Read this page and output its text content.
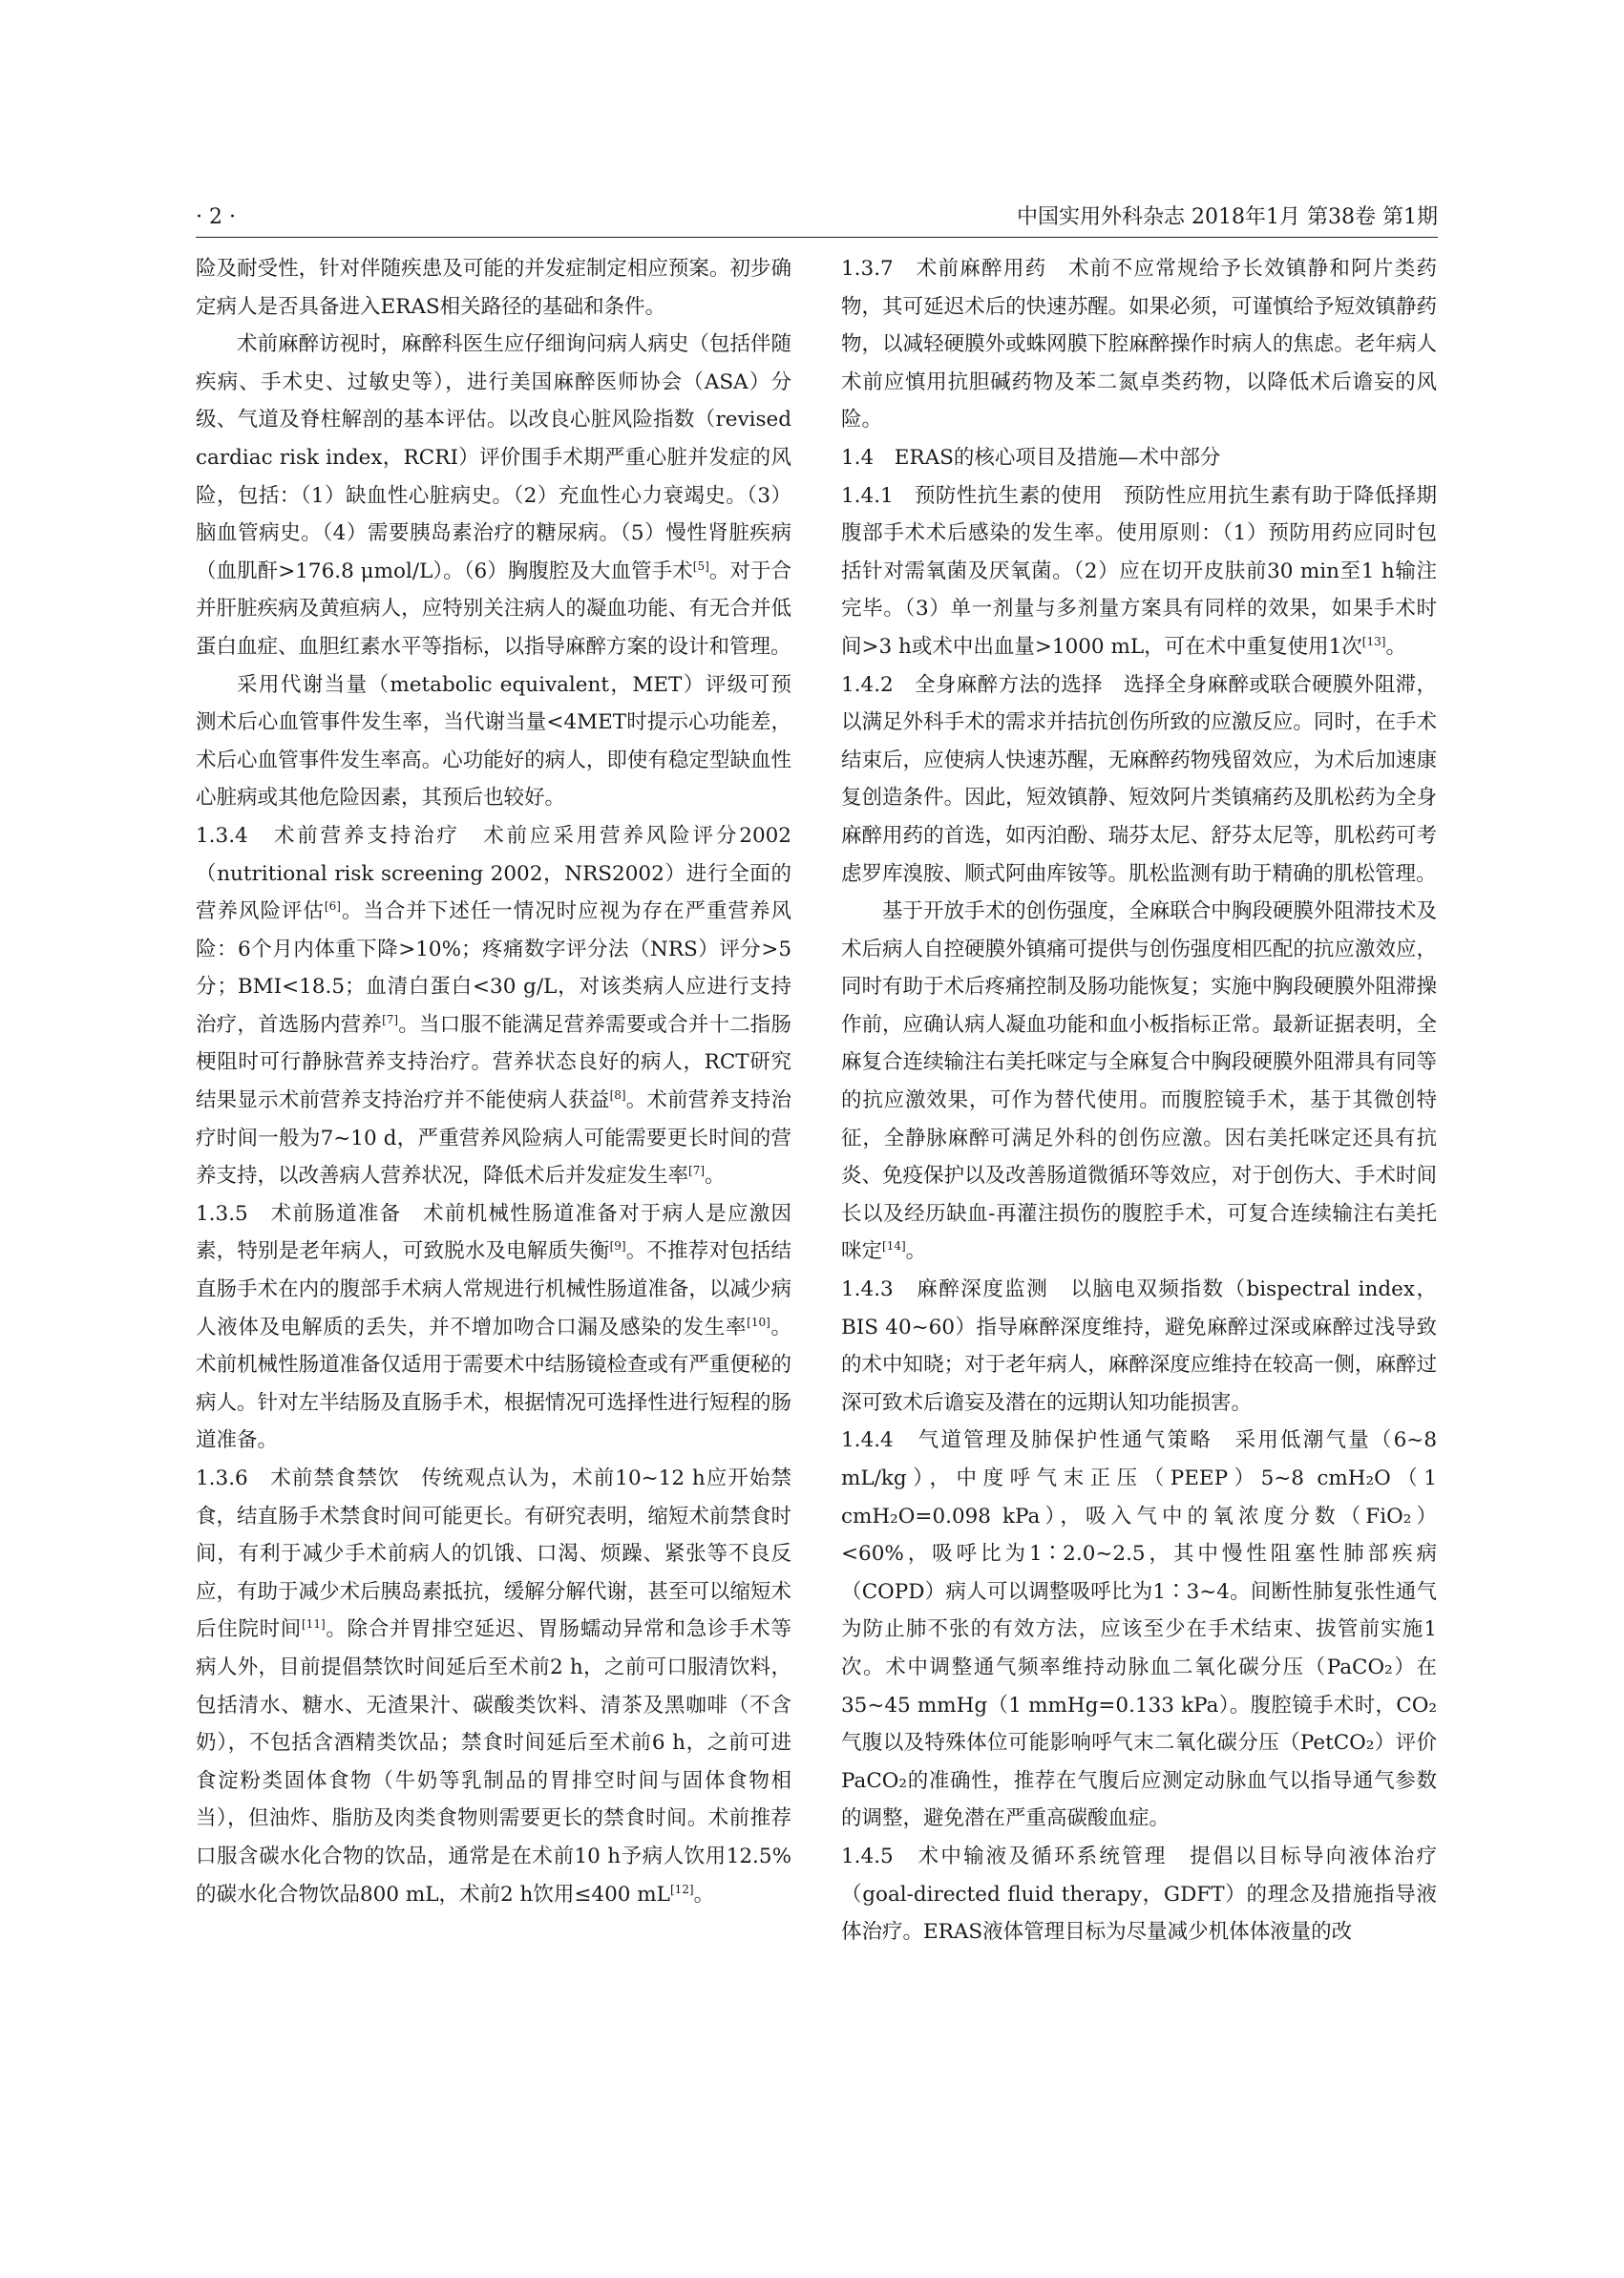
· 2 ·	中国实用外科杂志 2018年1月 第38卷 第1期

险及耐受性，针对伴随疾患及可能的并发症制定相应预案。初步确定病人是否具备进入ERAS相关路径的基础和条件。

术前麻醉访视时，麻醉科医生应仔细询问病人病史（包括伴随疾病、手术史、过敏史等），进行美国麻醉医师协会（ASA）分级、气道及脊柱解剖的基本评估。以改良心脏风险指数（revised cardiac risk index，RCRI）评价围手术期严重心脏并发症的风险，包括：（1）缺血性心脏病史。（2）充血性心力衰竭史。（3）脑血管病史。（4）需要胰岛素治疗的糖尿病。（5）慢性肾脏疾病（血肌酐>176.8 μmol/L）。（6）胸腹腔及大血管手术[5]。对于合并肝脏疾病及黄疸病人，应特别关注病人的凝血功能、有无合并低蛋白血症、血胆红素水平等指标，以指导麻醉方案的设计和管理。

采用代谢当量（metabolic equivalent，MET）评级可预测术后心血管事件发生率，当代谢当量<4MET时提示心功能差，术后心血管事件发生率高。心功能好的病人，即使有稳定型缺血性心脏病或其他危险因素，其预后也较好。

1.3.4　术前营养支持治疗　术前应采用营养风险评分2002（nutritional risk screening 2002，NRS2002）进行全面的营养风险评估[6]。当合并下述任一情况时应视为存在严重营养风险：6个月内体重下降>10%；疼痛数字评分法（NRS）评分>5分；BMI<18.5；血清白蛋白<30 g/L，对该类病人应进行支持治疗，首选肠内营养[7]。当口服不能满足营养需要或合并十二指肠梗阻时可行静脉营养支持治疗。营养状态良好的病人，RCT研究结果显示术前营养支持治疗并不能使病人获益[8]。术前营养支持治疗时间一般为7~10 d，严重营养风险病人可能需要更长时间的营养支持，以改善病人营养状况，降低术后并发症发生率[7]。

1.3.5　术前肠道准备　术前机械性肠道准备对于病人是应激因素，特别是老年病人，可致脱水及电解质失衡[9]。不推荐对包括结直肠手术在内的腹部手术病人常规进行机械性肠道准备，以减少病人液体及电解质的丢失，并不增加吻合口漏及感染的发生率[10]。术前机械性肠道准备仅适用于需要术中结肠镜检查或有严重便秘的病人。针对左半结肠及直肠手术，根据情况可选择性进行短程的肠道准备。

1.3.6　术前禁食禁饮　传统观点认为，术前10~12 h应开始禁食，结直肠手术禁食时间可能更长。有研究表明，缩短术前禁食时间，有利于减少手术前病人的饥饿、口渴、烦躁、紧张等不良反应，有助于减少术后胰岛素抵抗，缓解分解代谢，甚至可以缩短术后住院时间[11]。除合并胃排空延迟、胃肠蠕动异常和急诊手术等病人外，目前提倡禁饮时间延后至术前2 h，之前可口服清饮料，包括清水、糖水、无渣果汁、碳酸类饮料、清茶及黑咖啡（不含奶），不包括含酒精类饮品；禁食时间延后至术前6 h，之前可进食淀粉类固体食物（牛奶等乳制品的胃排空时间与固体食物相当），但油炸、脂肪及肉类食物则需要更长的禁食时间。术前推荐口服含碳水化合物的饮品，通常是在术前10 h予病人饮用12.5%的碳水化合物饮品800 mL，术前2 h饮用≤400 mL[12]。

1.3.7　术前麻醉用药　术前不应常规给予长效镇静和阿片类药物，其可延迟术后的快速苏醒。如果必须，可谨慎给予短效镇静药物，以减轻硬膜外或蛛网膜下腔麻醉操作时病人的焦虑。老年病人术前应慎用抗胆碱药物及苯二氮卓类药物，以降低术后谵妄的风险。

1.4　ERAS的核心项目及措施—术中部分

1.4.1　预防性抗生素的使用　预防性应用抗生素有助于降低择期腹部手术术后感染的发生率。使用原则：（1）预防用药应同时包括针对需氧菌及厌氧菌。（2）应在切开皮肤前30 min至1 h输注完毕。（3）单一剂量与多剂量方案具有同样的效果，如果手术时间>3 h或术中出血量>1000 mL，可在术中重复使用1次[13]。

1.4.2　全身麻醉方法的选择　选择全身麻醉或联合硬膜外阻滞，以满足外科手术的需求并拮抗创伤所致的应激反应。同时，在手术结束后，应使病人快速苏醒，无麻醉药物残留效应，为术后加速康复创造条件。因此，短效镇静、短效阿片类镇痛药及肌松药为全身麻醉用药的首选，如丙泊酚、瑞芬太尼、舒芬太尼等，肌松药可考虑罗库溴胺、顺式阿曲库铵等。肌松监测有助于精确的肌松管理。

基于开放手术的创伤强度，全麻联合中胸段硬膜外阻滞技术及术后病人自控硬膜外镇痛可提供与创伤强度相匹配的抗应激效应，同时有助于术后疼痛控制及肠功能恢复；实施中胸段硬膜外阻滞操作前，应确认病人凝血功能和血小板指标正常。最新证据表明，全麻复合连续输注右美托咪定与全麻复合中胸段硬膜外阻滞具有同等的抗应激效果，可作为替代使用。而腹腔镜手术，基于其微创特征，全静脉麻醉可满足外科的创伤应激。因右美托咪定还具有抗炎、免疫保护以及改善肠道微循环等效应，对于创伤大、手术时间长以及经历缺血-再灌注损伤的腹腔手术，可复合连续输注右美托咪定[14]。

1.4.3　麻醉深度监测　以脑电双频指数（bispectral index，BIS 40~60）指导麻醉深度维持，避免麻醉过深或麻醉过浅导致的术中知晓；对于老年病人，麻醉深度应维持在较高一侧，麻醉过深可致术后谵妄及潜在的远期认知功能损害。

1.4.4　气道管理及肺保护性通气策略　采用低潮气量（6~8 mL/kg），中度呼气末正压（PEEP）5~8 cmH₂O（1 cmH₂O=0.098 kPa），吸入气中的氧浓度分数（FiO₂）<60%，吸呼比为1∶2.0~2.5，其中慢性阻塞性肺部疾病（COPD）病人可以调整吸呼比为1∶3~4。间断性肺复张性通气为防止肺不张的有效方法，应该至少在手术结束、拔管前实施1次。术中调整通气频率维持动脉血二氧化碳分压（PaCO₂）在35~45 mmHg（1 mmHg=0.133 kPa）。腹腔镜手术时，CO₂气腹以及特殊体位可能影响呼气末二氧化碳分压（PetCO₂）评价PaCO₂的准确性，推荐在气腹后应测定动脉血气以指导通气参数的调整，避免潜在严重高碳酸血症。

1.4.5　术中输液及循环系统管理　提倡以目标导向液体治疗（goal-directed fluid therapy，GDFT）的理念及措施指导液体治疗。ERAS液体管理目标为尽量减少机体体液量的改
